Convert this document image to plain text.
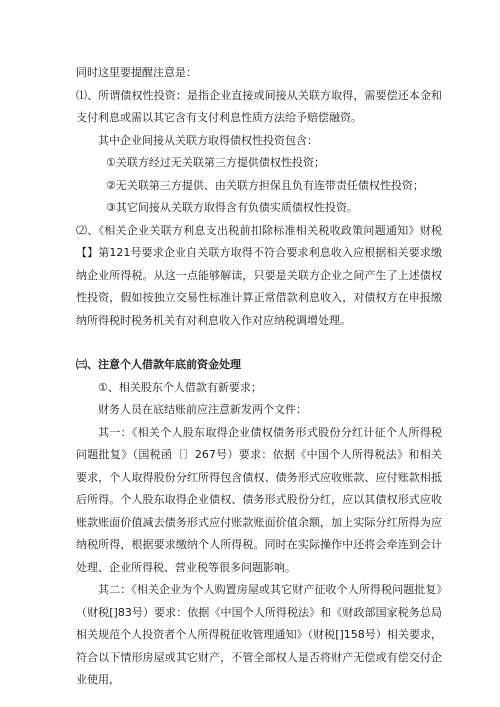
同时这里要提醒注意是：

⑴、所谓债权性投资：是指企业直接或间接从关联方取得，需要偿还本金和支付利息或需以其它含有支付利息性质方法给予赔偿融资。

其中企业间接从关联方取得债权性投资包含：

①关联方经过无关联第三方提供债权性投资；

②无关联第三方提供、由关联方担保且负有连带责任债权性投资；

③其它间接从关联方取得含有负债实质债权性投资。

⑵、《相关企业关联方利息支出税前扣除标准相关税收政策问题通知》财税【】第121号要求企业自关联方取得不符合要求利息收入应根据相关要求缴纳企业所得税。从这一点能够解读，只要是关联方企业之间产生了上述债权性投资，假如按独立交易性标准计算正常借款利息收入，对债权方在申报缴纳所得税时税务机关有对利息收入作对应纳税调增处理。

㈢、注意个人借款年底前资金处理

①、相关股东个人借款有新要求；

财务人员在底结账前应注意新发两个文件：

其一：《相关个人股东取得企业债权债务形式股份分红计征个人所得税问题批复》（国税函〔〕267号）要求：依据《中国个人所得税法》和相关要求，个人取得股份分红所得包含债权、债务形式应收账款、应付账款相抵后所得。个人股东取得企业债权、债务形式股份分红，应以其债权形式应收账款账面价值减去债务形式应付账款账面价值余额，加上实际分红所得为应纳税所得，根据要求缴纳个人所得税。同时在实际操作中还将会牵连到会计处理、企业所得税、营业税等很多问题影响。

其二：《相关企业为个人购置房屋或其它财产征收个人所得税问题批复》（财税[]83号）要求：依据《中国个人所得税法》和《财政部国家税务总局相关规范个人投资者个人所得税征收管理通知》（财税[]158号）相关要求，符合以下情形房屋或其它财产，不管全部权人是否将财产无偿或有偿交付企业使用，
